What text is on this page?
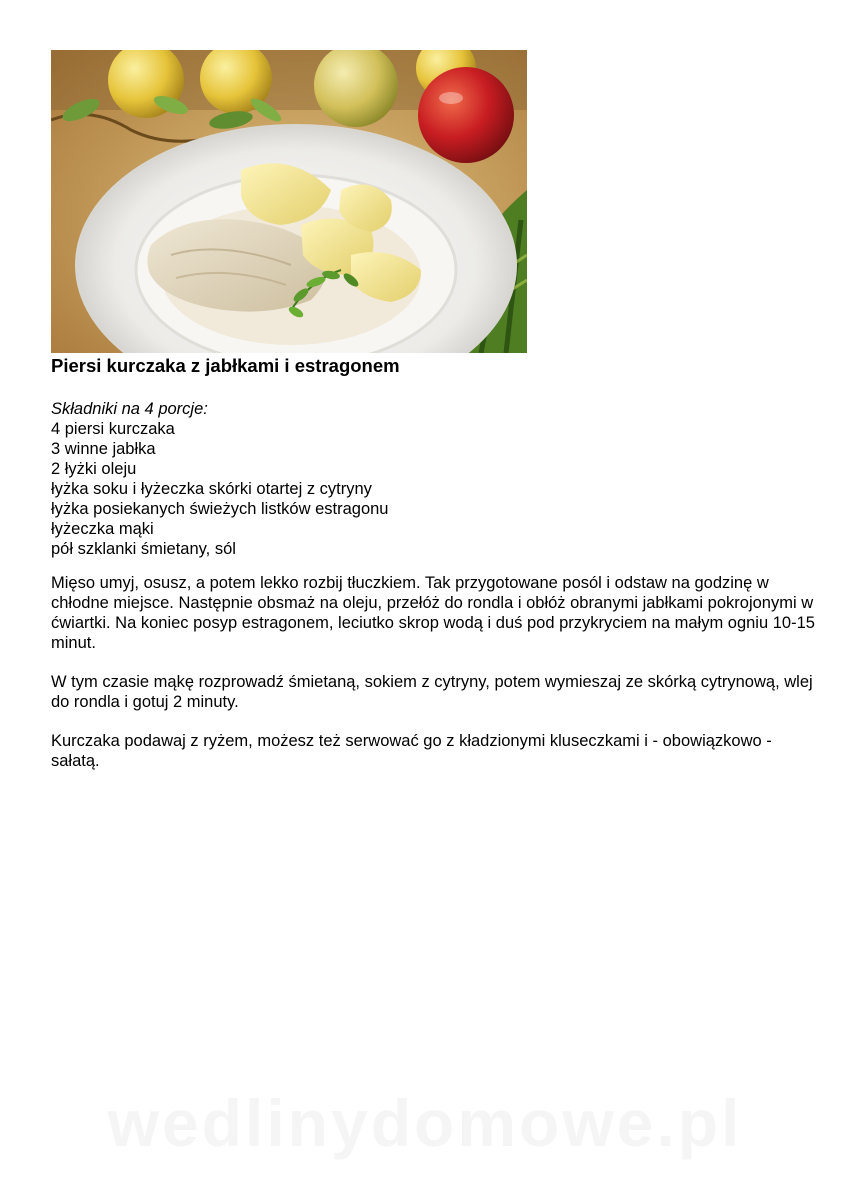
Piersi kurczaka z jabłkami i estragonem
Składniki na 4 porcje:
4 piersi kurczaka
3 winne jabłka
2 łyżki oleju
łyżka soku i łyżeczka skórki otartej z cytryny
łyżka posiekanych świeżych listków estragonu
łyżeczka mąki
pół szklanki śmietany, sól

Mięso umyj, osusz, a potem lekko rozbij tłuczkiem. Tak przygotowane posól i odstaw na godzinę w chłodne miejsce. Następnie obsmaż na oleju, przełóż do rondla i obłóż obranymi jabłkami pokrojonymi w ćwiartki. Na koniec posyp estragonem, leciutko skrop wodą i duś pod przykryciem na małym ogniu 10-15 minut.

W tym czasie mąkę rozprowadź śmietaną, sokiem z cytryny, potem wymieszaj ze skórką cytrynową, wlej do rondla i gotuj 2 minuty.

Kurczaka podawaj z ryżem, możesz też serwować go z kładzionymi kluseczkami i - obowiązkowo - sałatą.

wedlinydomowe.pl
